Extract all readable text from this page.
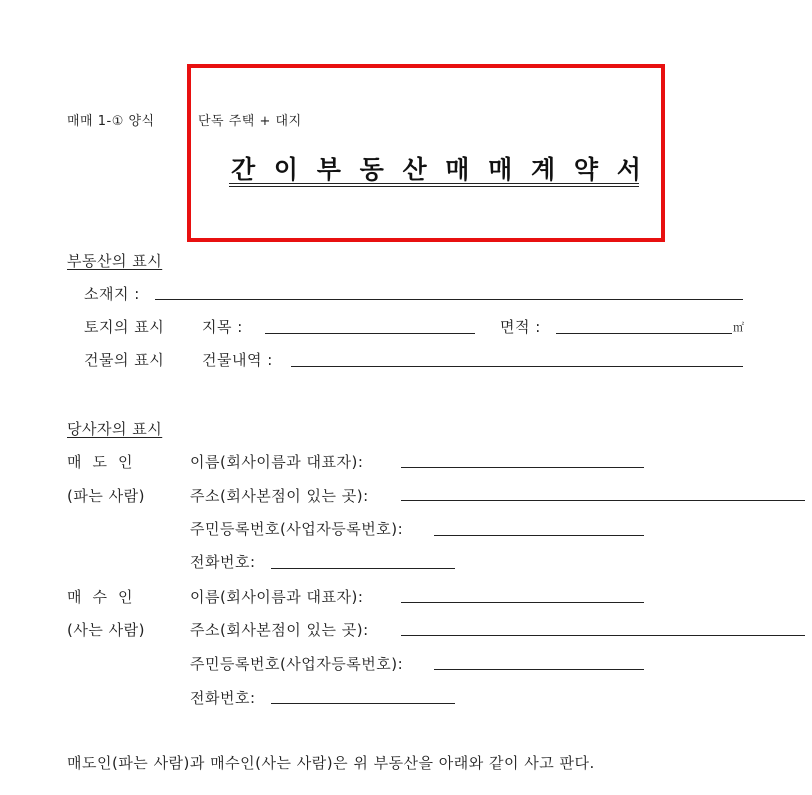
매매 1-① 양식	단독 주택 + 대지
간 이 부 동 산 매 매 계 약 서
부동산의 표시
소재지 :
토지의 표시	지목 :	면적 :	㎡
건물의 표시	건물내역 :
당사자의 표시
매  도  인	이름(회사이름과 대표자):
(파는 사람)	주소(회사본점이 있는 곳):
주민등록번호(사업자등록번호):
전화번호:
매  수  인	이름(회사이름과 대표자):
(사는 사람)	주소(회사본점이 있는 곳):
주민등록번호(사업자등록번호):
전화번호:
매도인(파는 사람)과 매수인(사는 사람)은 위 부동산을 아래와 같이 사고 판다.
